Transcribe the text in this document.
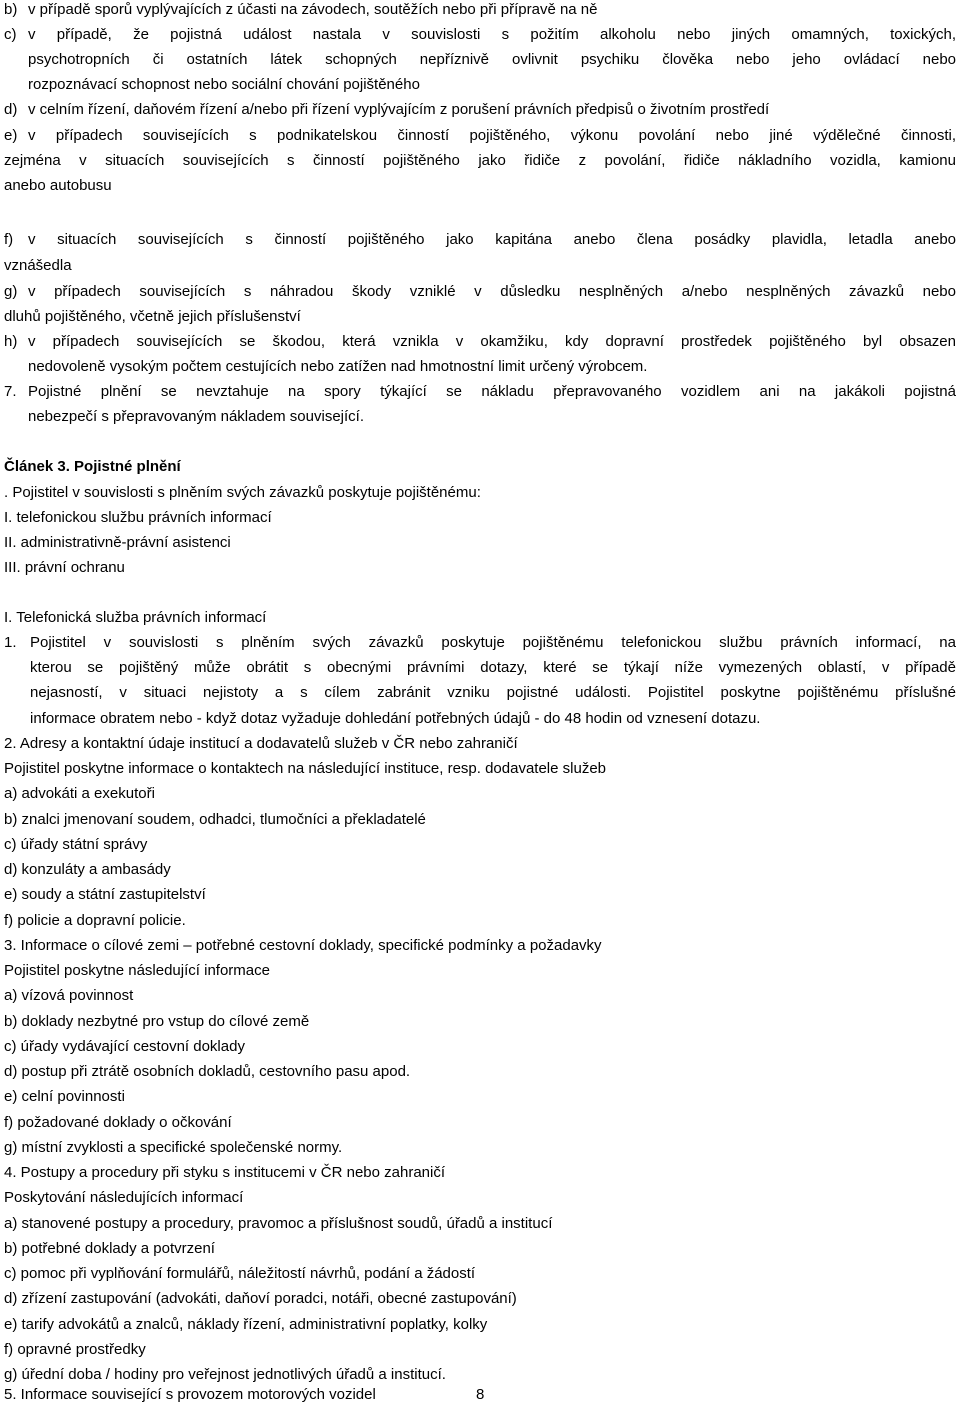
b) v případě sporů vyplývajících z účasti na závodech, soutěžích nebo při přípravě na ně
c) v případě, že pojistná událost nastala v souvislosti s požitím alkoholu nebo jiných omamných, toxických,
psychotropních či ostatních látek schopných nepříznivě ovlivnit psychiku člověka nebo jeho ovládací nebo
rozpoznávací schopnost nebo sociální chování pojištěného
d) v celním řízení, daňovém řízení a/nebo při řízení vyplývajícím z porušení právních předpisů o životním prostředí
e) v případech souvisejících s podnikatelskou činností pojištěného, výkonu povolání nebo jiné výdělečné činnosti,
zejména v situacích souvisejících s činností pojištěného jako řidiče z povolání, řidiče nákladního vozidla, kamionu
anebo autobusu
f) v situacích souvisejících s činností pojištěného jako kapitána anebo člena posádky plavidla, letadla anebo
vznášedla
g) v případech souvisejících s náhradou škody vzniklé v důsledku nesplněných a/nebo nesplněných závazků nebo
dluhů pojištěného, včetně jejich příslušenství
h) v případech souvisejících se škodou, která vznikla v okamžiku, kdy dopravní prostředek pojištěného byl obsazen
nedovoleně vysokým počtem cestujících nebo zatížen nad hmotnostní limit určený výrobcem.
7. Pojistné plnění se nevztahuje na spory týkající se nákladu přepravovaného vozidlem ani na jakákoli pojistná
nebezpečí s přepravovaným nákladem související.
Článek 3. Pojistné plnění
. Pojistitel v souvislosti s plněním svých závazků poskytuje pojištěnému:
I. telefonickou službu právních informací
II. administrativně-právní asistenci
III. právní ochranu
I. Telefonická služba právních informací
1. Pojistitel v souvislosti s plněním svých závazků poskytuje pojištěnému telefonickou službu právních informací, na
kterou se pojištěný může obrátit s obecnými právními dotazy, které se týkají níže vymezených oblastí, v případě
nejasností, v situaci nejistoty a s cílem zabránit vzniku pojistné události. Pojistitel poskytne pojištěnému příslušné
informace obratem nebo - když dotaz vyžaduje dohledání potřebných údajů - do 48 hodin od vznesení dotazu.
2. Adresy a kontaktní údaje institucí a dodavatelů služeb v ČR nebo zahraničí
Pojistitel poskytne informace o kontaktech na následující instituce, resp. dodavatele služeb
a) advokáti a exekutoři
b) znalci jmenovaní soudem, odhadci, tlumočníci a překladatelé
c) úřady státní správy
d) konzuláty a ambasády
e) soudy a státní zastupitelství
f) policie a dopravní policie.
3. Informace o cílové zemi – potřebné cestovní doklady, specifické podmínky a požadavky
Pojistitel poskytne následující informace
a) vízová povinnost
b) doklady nezbytné pro vstup do cílové země
c) úřady vydávající cestovní doklady
d) postup při ztrátě osobních dokladů, cestovního pasu apod.
e) celní povinnosti
f) požadované doklady o očkování
g) místní zvyklosti a specifické společenské normy.
4. Postupy a procedury při styku s institucemi v ČR nebo zahraničí
Poskytování následujících informací
a) stanovené postupy a procedury, pravomoc a příslušnost soudů, úřadů a institucí
b) potřebné doklady a potvrzení
c) pomoc při vyplňování formulářů, náležitostí návrhů, podání a žádostí
d) zřízení zastupování (advokáti, daňoví poradci, notáři, obecné zastupování)
e) tarify advokátů a znalců, náklady řízení, administrativní poplatky, kolky
f) opravné prostředky
g) úřední doba / hodiny pro veřejnost jednotlivých úřadů a institucí.
5. Informace související s provozem motorových vozidel	8
